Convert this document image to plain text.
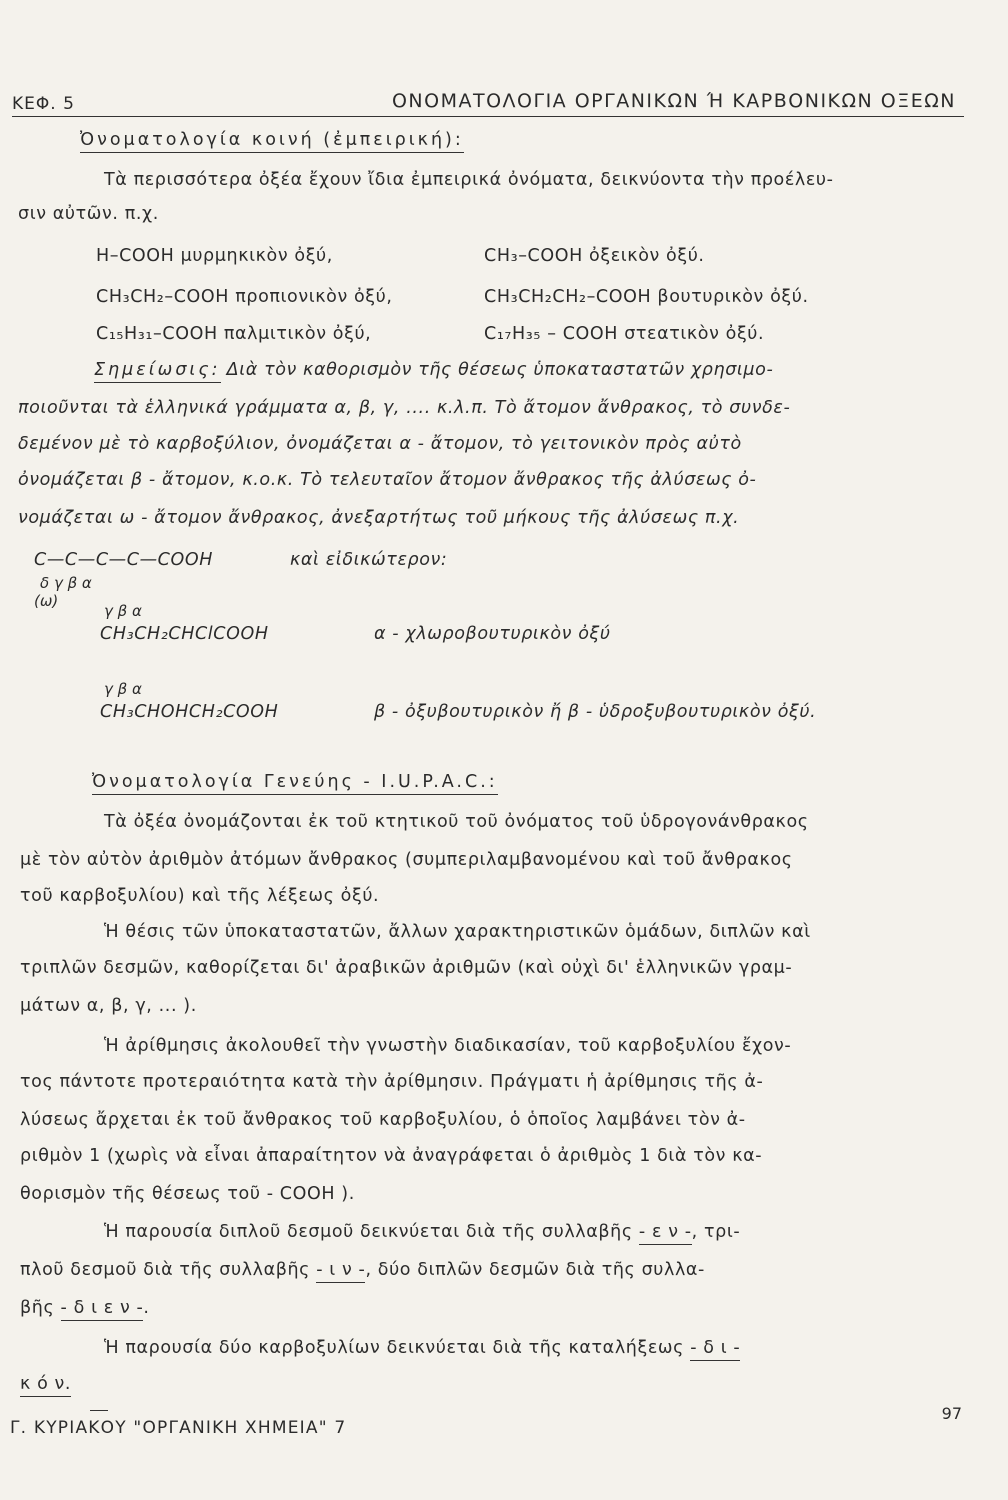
ΚΕΦ. 5	ΟΝΟΜΑΤΟΛΟΓΙΑ ΟΡΓΑΝΙΚΩΝ Ή ΚΑΡΒΟΝΙΚΩΝ ΟΞΕΩΝ
Ὀνοματολογία κοινή (ἐμπειρική):
Τὰ περισσότερα ὀξέα ἔχουν ἴδια ἐμπειρικά ὀνόματα, δεικνύοντα τὴν προέλευ-
σιν αὐτῶν. π.χ.
H–COOH μυρμηκικὸν ὀξύ,	CH₃–COOH ὀξεικὸν ὀξύ.
CH₃CH₂–COOH προπιονικὸν ὀξύ,	CH₃CH₂CH₂–COOH βουτυρικὸν ὀξύ.
C₁₅H₃₁–COOH παλμιτικὸν ὀξύ,	C₁₇H₃₅ – COOH στεατικὸν ὀξύ.
Σημείωσις: Διὰ τὸν καθορισμὸν τῆς θέσεως ὑποκαταστατῶν χρησιμο-
ποιοῦνται τὰ ἑλληνικά γράμματα α, β, γ, .... κ.λ.π. Τὸ ἄτομον ἄνθρακος, τὸ συνδε-
δεμένον μὲ τὸ καρβοξύλιον, ὀνομάζεται α - ἄτομον, τὸ γειτονικὸν πρὸς αὐτὸ
ὀνομάζεται β - ἄτομον, κ.ο.κ. Τὸ τελευταῖον ἄτομον ἄνθρακος τῆς ἀλύσεως ὀ-
νομάζεται ω - ἄτομον ἄνθρακος, ἀνεξαρτήτως τοῦ μήκους τῆς ἀλύσεως π.χ.
C—C—C—C—COOH	καὶ εἰδικώτερον:
δ γ β α
(ω)
γ β α
CH₃CH₂CHClCOOH	α - χλωροβουτυρικὸν ὀξύ
γ β α
CH₃CHOHCH₂COOH	β - ὀξυβουτυρικὸν ἤ β - ὑδροξυβουτυρικὸν ὀξύ.
Ὀνοματολογία Γενεύης - I.U.P.A.C.:
Τὰ ὀξέα ὀνομάζονται ἐκ τοῦ κτητικοῦ τοῦ ὀνόματος τοῦ ὑδρογονάνθρακος
μὲ τὸν αὐτὸν ἀριθμὸν ἀτόμων ἄνθρακος (συμπεριλαμβανομένου καὶ τοῦ ἄνθρακος
τοῦ καρβοξυλίου) καὶ τῆς λέξεως ὀξύ.
Ἡ θέσις τῶν ὑποκαταστατῶν, ἄλλων χαρακτηριστικῶν ὁμάδων, διπλῶν καὶ
τριπλῶν δεσμῶν, καθορίζεται δι' ἀραβικῶν ἀριθμῶν (καὶ οὐχὶ δι' ἑλληνικῶν γραμ-
μάτων α, β, γ, ... ).
Ἡ ἀρίθμησις ἀκολουθεῖ τὴν γνωστὴν διαδικασίαν, τοῦ καρβοξυλίου ἔχον-
τος πάντοτε προτεραιότητα κατὰ τὴν ἀρίθμησιν. Πράγματι ἡ ἀρίθμησις τῆς ἀ-
λύσεως ἄρχεται ἐκ τοῦ ἄνθρακος τοῦ καρβοξυλίου, ὁ ὁποῖος λαμβάνει τὸν ἀ-
ριθμὸν 1 (χωρὶς νὰ εἶναι ἀπαραίτητον νὰ ἀναγράφεται ὁ ἀριθμὸς 1 διὰ τὸν κα-
θορισμὸν τῆς θέσεως τοῦ - COOH ).
Ἡ παρουσία διπλοῦ δεσμοῦ δεικνύεται διὰ τῆς συλλαβῆς - ε ν -, τρι-
πλοῦ δεσμοῦ διὰ τῆς συλλαβῆς - ι ν -, δύο διπλῶν δεσμῶν διὰ τῆς συλλα-
βῆς - δ ι ε ν -.
Ἡ παρουσία δύο καρβοξυλίων δεικνύεται διὰ τῆς καταλήξεως - δ ι -
κ ό ν.
Γ. ΚΥΡΙΑΚΟΥ "ΟΡΓΑΝΙΚΗ ΧΗΜΕΙΑ" 7
97
